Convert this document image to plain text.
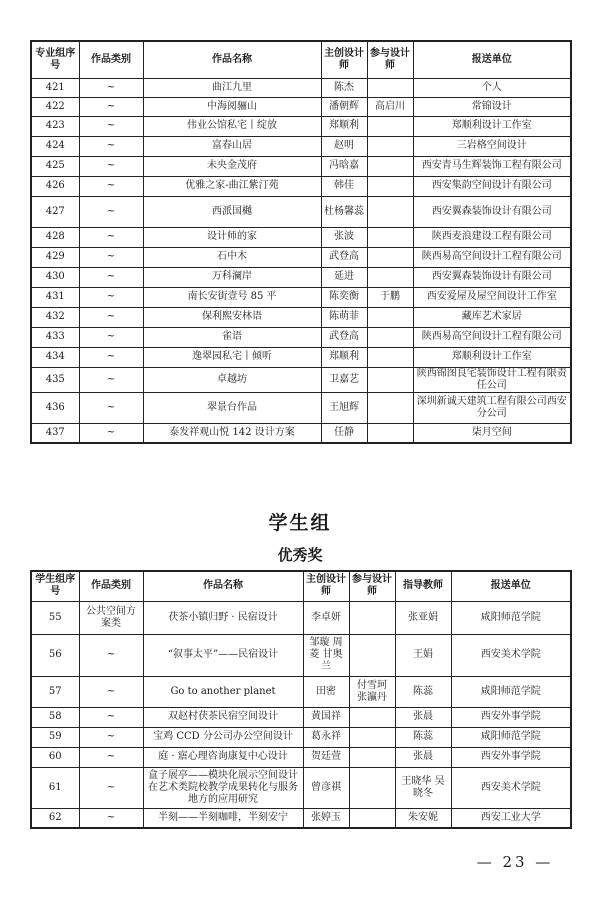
专业组序号	作品类别	作品名称	主创设计师	参与设计师	报送单位
421	~	曲江九里	陈杰		个人
422	~	中海阅骊山	潘朝辉	高启川	常锦设计
423	~	伟业公馆私宅丨绽放	郑顺利		郑顺利设计工作室
424	~	富春山居	赵明		三岩格空间设计
425	~	未央金茂府	冯晗嘉		西安青马生辉装饰工程有限公司
426	~	优雅之家-曲江紫汀苑	韩佳		西安集韵空间设计有限公司
427	~	西派国樾	杜杨馨蕊		西安翼森装饰设计有限公司
428	~	设计师的家	张波		陕西麦浪建设工程有限公司
429	~	石中木	武登高		陕西易高空间设计工程有限公司
430	~	万科澜岸	延进		西安翼森装饰设计有限公司
431	~	南长安街壹号 85 平	陈奕衡	于鹏	西安爱屋及屋空间设计工作室
432	~	保利熙安林语	陈萌菲		藏库艺术家居
433	~	雀语	武登高		陕西易高空间设计工程有限公司
434	~	逸翠园私宅丨倾听	郑顺利		郑顺利设计工作室
435	~	卓越坊	卫嘉艺		陕西锦图良宅装饰设计工程有限责任公司
436	~	翠景台作品	王旭辉		深圳新诚天建筑工程有限公司西安分公司
437	~	泰发祥观山悦 142 设计方案	任静		柒月空间
学生组
优秀奖
学生组序号	作品类别	作品名称	主创设计师	参与设计师	指导教师	报送单位
55	公共空间方案类	茯茶小镇归野 · 民宿设计	李卓妍		张亚娟	咸阳师范学院
56	~	“叙事太平”——民宿设计	邹璇 周菱 甘奥兰		王娟	西安美术学院
57	~	Go to another planet	田密	付雪珂 张瀛丹	陈蕊	咸阳师范学院
58	~	双赵村茯茶民宿空间设计	黄国祥		张晨	西安外事学院
59	~	宝鸡 CCD 分公司办公空间设计	葛永祥		陈蕊	咸阳师范学院
60	~	庭 · 寤心理咨询康复中心设计	贺廷萱		张晨	西安外事学院
61	~	盒子展亭——模块化展示空间设计在艺术类院校教学成果转化与服务地方的应用研究	曾彦祺		王晓华 吴晓冬	西安美术学院
62	~	半刻——半刻咖啡，半刻安宁	张婷玉		朱安妮	西安工业大学
— 23 —
